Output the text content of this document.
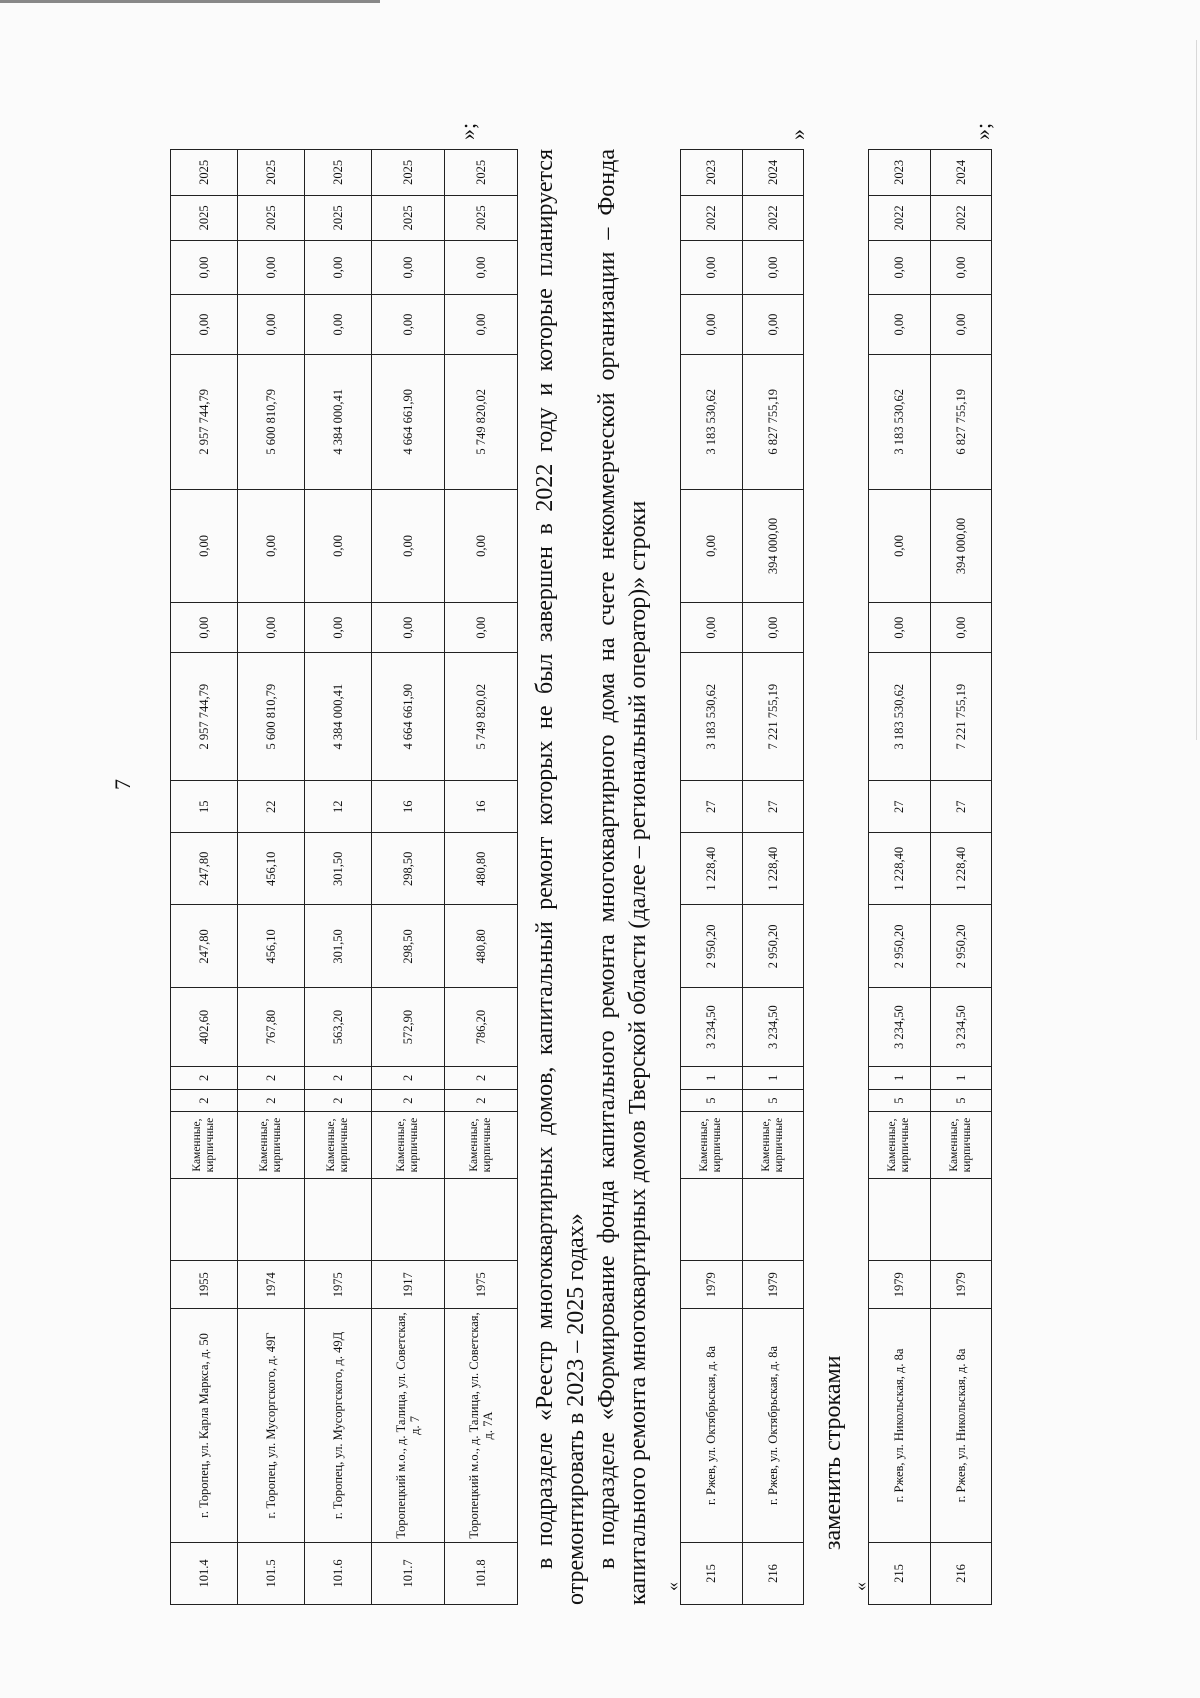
7
101.4	г. Торопец, ул. Карла Маркса, д. 50	1955		Каменные, кирпичные	2	2	402,60	247,80	247,80	15	2 957 744,79	0,00	0,00	2 957 744,79	0,00	0,00	2025	2025
101.5	г. Торопец, ул. Мусоргского, д. 49Г	1974		Каменные, кирпичные	2	2	767,80	456,10	456,10	22	5 600 810,79	0,00	0,00	5 600 810,79	0,00	0,00	2025	2025
101.6	г. Торопец, ул. Мусоргского, д. 49Д	1975		Каменные, кирпичные	2	2	563,20	301,50	301,50	12	4 384 000,41	0,00	0,00	4 384 000,41	0,00	0,00	2025	2025
101.7	Торопецкий м.о., д. Талица, ул. Советская, д. 7	1917		Каменные, кирпичные	2	2	572,90	298,50	298,50	16	4 664 661,90	0,00	0,00	4 664 661,90	0,00	0,00	2025	2025
101.8	Торопецкий м.о., д. Талица, ул. Советская, д. 7А	1975		Каменные, кирпичные	2	2	786,20	480,80	480,80	16	5 749 820,02	0,00	0,00	5 749 820,02	0,00	0,00	2025	2025
»;
в подразделе «Реестр многоквартирных домов, капитальный ремонт которых не был завершен в 2022 году и которые планируется отремонтировать в 2023 – 2025 годах» в подразделе «Формирование фонда капитального ремонта многоквартирного дома на счете некоммерческой организации – Фонда капитального ремонта многоквартирных домов Тверской области (далее – региональный оператор)» строки «
215	г. Ржев, ул. Октябрьская, д. 8а	1979		Каменные, кирпичные	5	1	3 234,50	2 950,20	1 228,40	27	3 183 530,62	0,00	0,00	3 183 530,62	0,00	0,00	2022	2023
216	г. Ржев, ул. Октябрьская, д. 8а	1979		Каменные, кирпичные	5	1	3 234,50	2 950,20	1 228,40	27	7 221 755,19	0,00	394 000,00	6 827 755,19	0,00	0,00	2022	2024
»
заменить строками
«
215	г. Ржев, ул. Никольская, д. 8а	1979		Каменные, кирпичные	5	1	3 234,50	2 950,20	1 228,40	27	3 183 530,62	0,00	0,00	3 183 530,62	0,00	0,00	2022	2023
216	г. Ржев, ул. Никольская, д. 8а	1979		Каменные, кирпичные	5	1	3 234,50	2 950,20	1 228,40	27	7 221 755,19	0,00	394 000,00	6 827 755,19	0,00	0,00	2022	2024
»;
